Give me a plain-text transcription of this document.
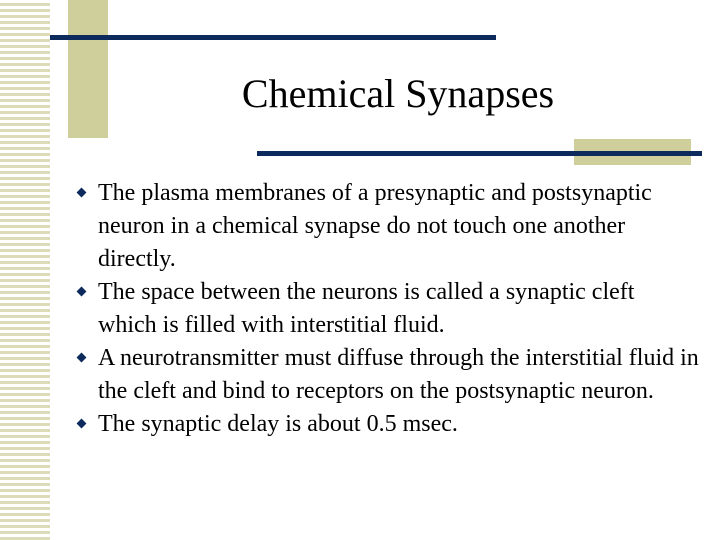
Chemical Synapses
The plasma membranes of a presynaptic and postsynaptic neuron in a chemical synapse do not touch one another directly.
The space between the neurons is called a synaptic cleft which is filled with interstitial fluid.
A neurotransmitter must diffuse through the interstitial fluid in the cleft and bind to receptors on the postsynaptic neuron.
The synaptic delay is about 0.5 msec.
